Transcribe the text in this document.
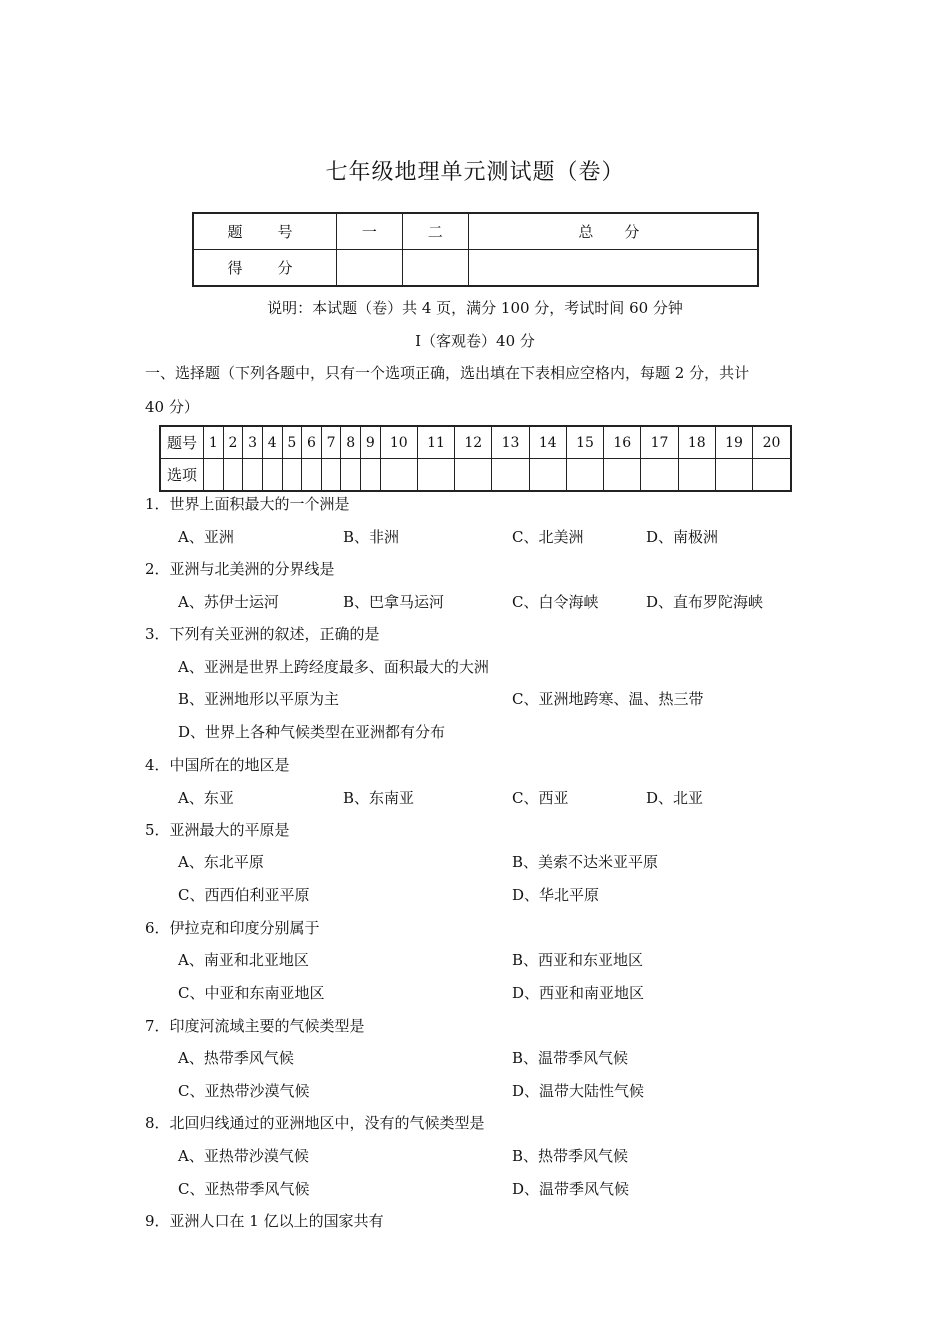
七年级地理单元测试题（卷）
题　号	一	二	总　分
得　分			
说明：本试题（卷）共 4 页，满分 100 分，考试时间 60 分钟
Ⅰ（客观卷）40 分
一、选择题（下列各题中，只有一个选项正确，选出填在下表相应空格内，每题 2 分，共计
40 分）
题号	1	2	3	4	5	6	7	8	9	10	11	12	13	14	15	16	17	18	19	20
选项																				
1．世界上面积最大的一个洲是
A、亚洲	B、非洲	C、北美洲	D、南极洲
2．亚洲与北美洲的分界线是
A、苏伊士运河	B、巴拿马运河	C、白令海峡	D、直布罗陀海峡
3．下列有关亚洲的叙述，正确的是
A、亚洲是世界上跨经度最多、面积最大的大洲
B、亚洲地形以平原为主	C、亚洲地跨寒、温、热三带
D、世界上各种气候类型在亚洲都有分布
4．中国所在的地区是
A、东亚	B、东南亚	C、西亚	D、北亚
5．亚洲最大的平原是
A、东北平原	B、美索不达米亚平原
C、西西伯利亚平原	D、华北平原
6．伊拉克和印度分别属于
A、南亚和北亚地区	B、西亚和东亚地区
C、中亚和东南亚地区	D、西亚和南亚地区
7．印度河流域主要的气候类型是
A、热带季风气候	B、温带季风气候
C、亚热带沙漠气候	D、温带大陆性气候
8．北回归线通过的亚洲地区中，没有的气候类型是
A、亚热带沙漠气候	B、热带季风气候
C、亚热带季风气候	D、温带季风气候
9．亚洲人口在 1 亿以上的国家共有
